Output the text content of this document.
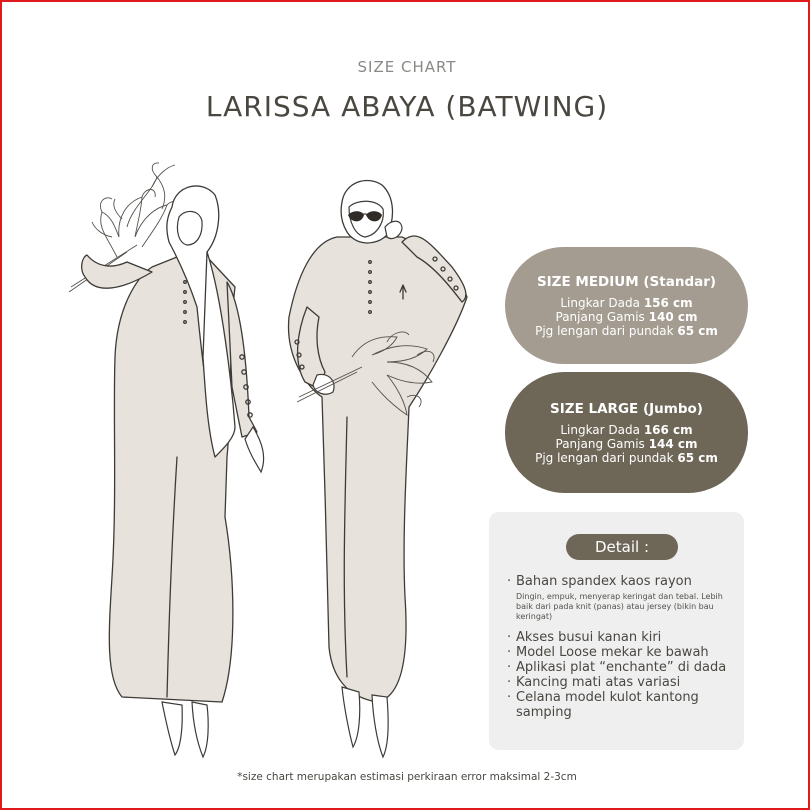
SIZE CHART
LARISSA ABAYA (BATWING)
SIZE MEDIUM (Standar)
Lingkar Dada 156 cm
Panjang Gamis 140 cm
Pjg lengan dari pundak 65 cm
SIZE LARGE (Jumbo)
Lingkar Dada 166 cm
Panjang Gamis 144 cm
Pjg lengan dari pundak 65 cm
Detail :
· Bahan spandex kaos rayon
Dingin, empuk, menyerap keringat dan tebal. Lebih baik dari pada knit (panas) atau jersey (bikin bau keringat)
· Akses busui kanan kiri
· Model Loose mekar ke bawah
· Aplikasi plat “enchante” di dada
· Kancing mati atas variasi
· Celana model kulot kantong samping
*size chart merupakan estimasi perkiraan error maksimal 2-3cm
